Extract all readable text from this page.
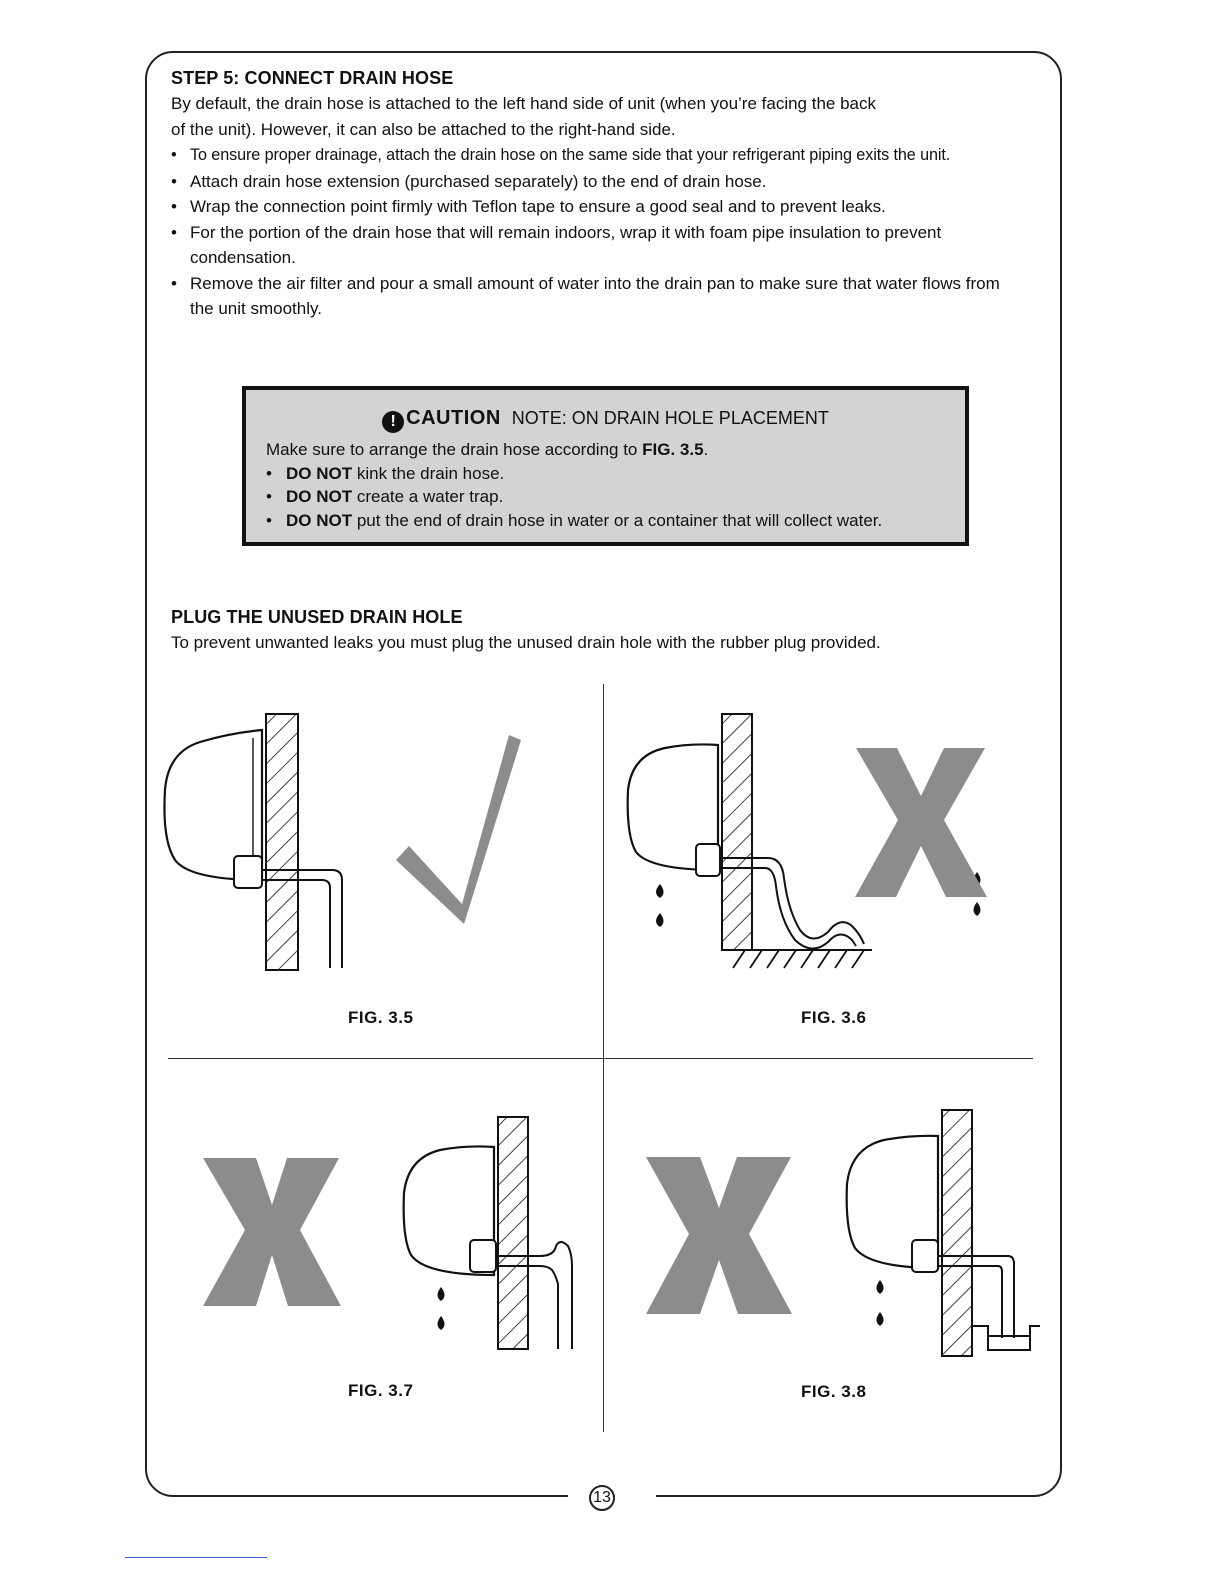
STEP 5: CONNECT DRAIN HOSE

By default, the drain hose is attached to the left hand side of unit (when you’re facing the back

of the unit). However, it can also be attached to the right-hand side.

• To ensure proper drainage, attach the drain hose on the same side that your refrigerant piping exits the unit.
• Attach drain hose extension (purchased separately) to the end of drain hose.
• Wrap the connection point firmly with Teflon tape to ensure a good seal and to prevent leaks.
• For the portion of the drain hose that will remain indoors, wrap it with foam pipe insulation to prevent condensation.
• Remove the air filter and pour a small amount of water into the drain pan to make sure that water flows from the unit smoothly.
! CAUTION NOTE: ON DRAIN HOLE PLACEMENT

Make sure to arrange the drain hose according to FIG. 3.5.

• DO NOT kink the drain hose.
• DO NOT create a water trap.
• DO NOT put the end of drain hose in water or a container that will collect water.

PLUG THE UNUSED DRAIN HOLE

To prevent unwanted leaks you must plug the unused drain hole with the rubber plug provided.

FIG. 3.5	FIG. 3.6
FIG. 3.7	FIG. 3.8
13
